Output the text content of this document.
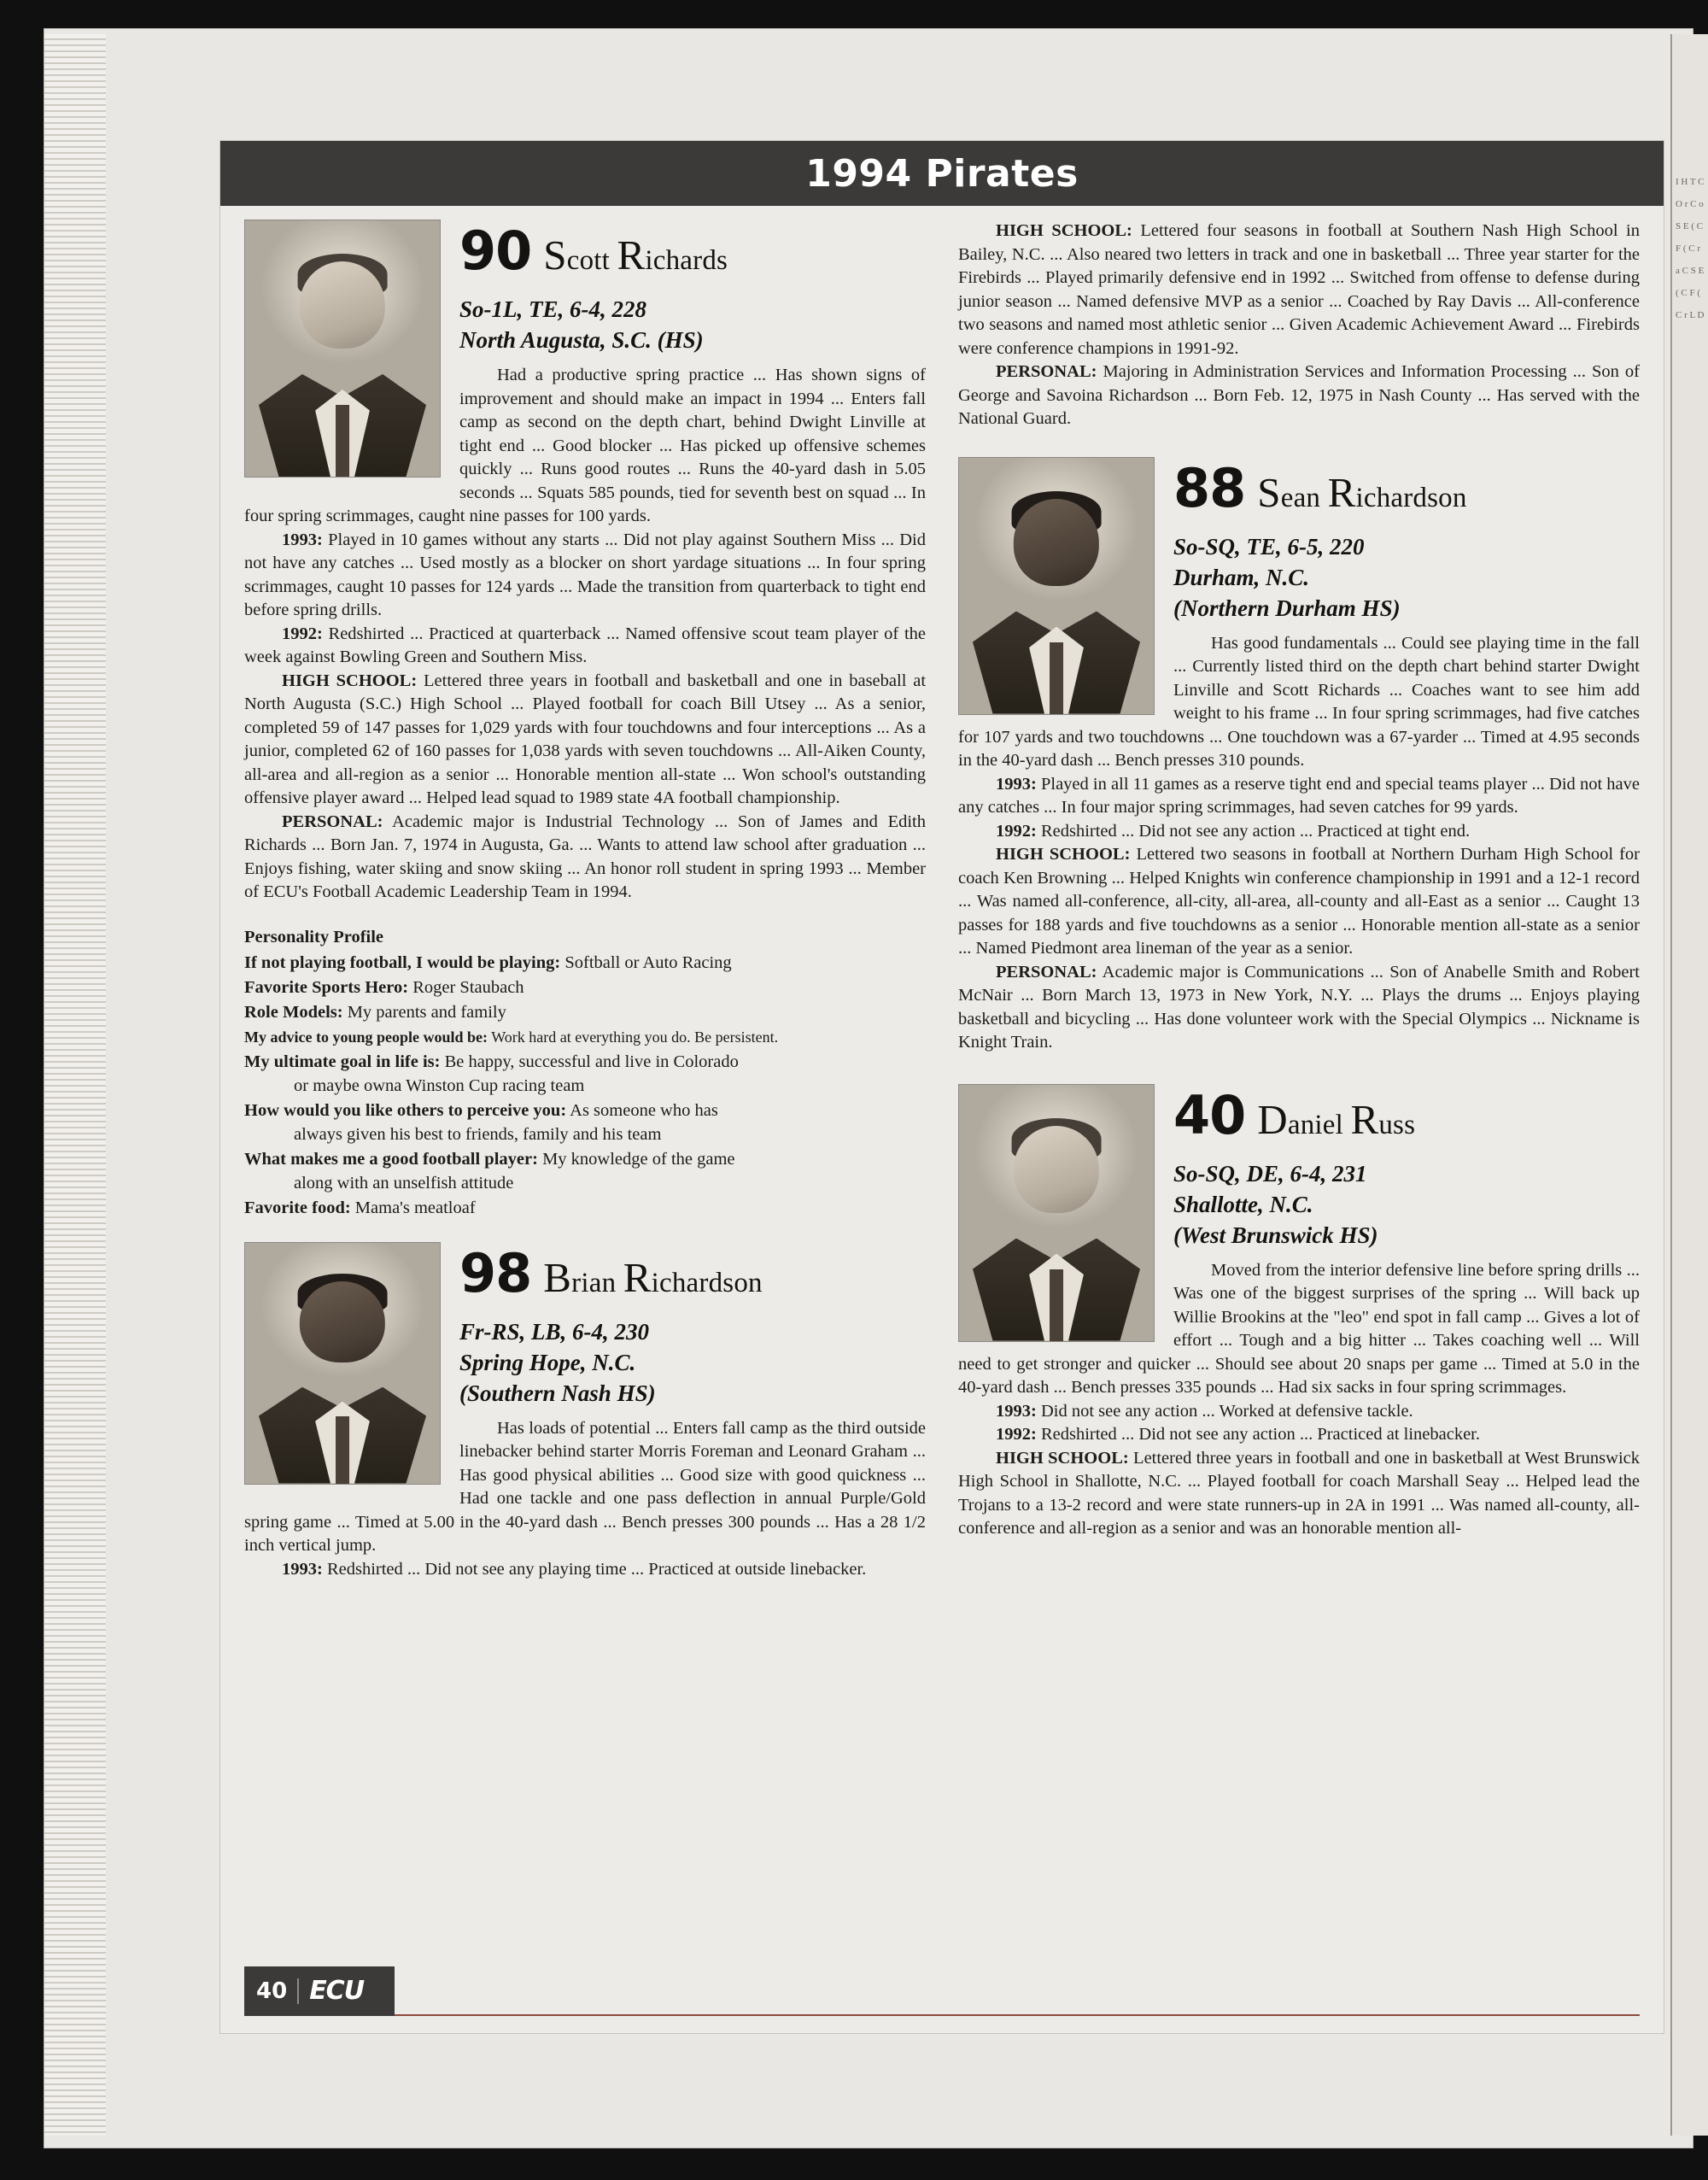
I H T C O r C o S E ( C F ( C r a C S E ( C F ( C r L D
1994 Pirates
90 Scott Richards
So-1L, TE, 6-4, 228
North Augusta, S.C. (HS)
Had a productive spring practice ... Has shown signs of improvement and should make an impact in 1994 ... Enters fall camp as second on the depth chart, behind Dwight Linville at tight end ... Good blocker ... Has picked up offensive schemes quickly ... Runs good routes ... Runs the 40-yard dash in 5.05 seconds ... Squats 585 pounds, tied for seventh best on squad ... In four spring scrimmages, caught nine passes for 100 yards.

1993: Played in 10 games without any starts ... Did not play against Southern Miss ... Did not have any catches ... Used mostly as a blocker on short yardage situations ... In four spring scrimmages, caught 10 passes for 124 yards ... Made the transition from quarterback to tight end before spring drills.

1992: Redshirted ... Practiced at quarterback ... Named offensive scout team player of the week against Bowling Green and Southern Miss.

HIGH SCHOOL: Lettered three years in football and basketball and one in baseball at North Augusta (S.C.) High School ... Played football for coach Bill Utsey ... As a senior, completed 59 of 147 passes for 1,029 yards with four touchdowns and four interceptions ... As a junior, completed 62 of 160 passes for 1,038 yards with seven touchdowns ... All-Aiken County, all-area and all-region as a senior ... Honorable mention all-state ... Won school's outstanding offensive player award ... Helped lead squad to 1989 state 4A football championship.

PERSONAL: Academic major is Industrial Technology ... Son of James and Edith Richards ... Born Jan. 7, 1974 in Augusta, Ga. ... Wants to attend law school after graduation ... Enjoys fishing, water skiing and snow skiing ... An honor roll student in spring 1993 ... Member of ECU's Football Academic Leadership Team in 1994.

Personality Profile
If not playing football, I would be playing: Softball or Auto Racing
Favorite Sports Hero: Roger Staubach
Role Models: My parents and family
My advice to young people would be: Work hard at everything you do. Be persistent.
My ultimate goal in life is: Be happy, successful and live in Colorado
or maybe owna Winston Cup racing team
How would you like others to perceive you: As someone who has
always given his best to friends, family and his team
What makes me a good football player: My knowledge of the game
along with an unselfish attitude
Favorite food: Mama's meatloaf
98 Brian Richardson
Fr-RS, LB, 6-4, 230
Spring Hope, N.C.
(Southern Nash HS)
Has loads of potential ... Enters fall camp as the third outside linebacker behind starter Morris Foreman and Leonard Graham ... Has good physical abilities ... Good size with good quickness ... Had one tackle and one pass deflection in annual Purple/Gold spring game ... Timed at 5.00 in the 40-yard dash ... Bench presses 300 pounds ... Has a 28 1/2 inch vertical jump.

1993: Redshirted ... Did not see any playing time ... Practiced at outside linebacker.

HIGH SCHOOL: Lettered four seasons in football at Southern Nash High School in Bailey, N.C. ... Also neared two letters in track and one in basketball ... Three year starter for the Firebirds ... Played primarily defensive end in 1992 ... Switched from offense to defense during junior season ... Named defensive MVP as a senior ... Coached by Ray Davis ... All-conference two seasons and named most athletic senior ... Given Academic Achievement Award ... Firebirds were conference champions in 1991-92.

PERSONAL: Majoring in Administration Services and Information Processing ... Son of George and Savoina Richardson ... Born Feb. 12, 1975 in Nash County ... Has served with the National Guard.

88 Sean Richardson
So-SQ, TE, 6-5, 220
Durham, N.C.
(Northern Durham HS)
Has good fundamentals ... Could see playing time in the fall ... Currently listed third on the depth chart behind starter Dwight Linville and Scott Richards ... Coaches want to see him add weight to his frame ... In four spring scrimmages, had five catches for 107 yards and two touchdowns ... One touchdown was a 67-yarder ... Timed at 4.95 seconds in the 40-yard dash ... Bench presses 310 pounds.

1993: Played in all 11 games as a reserve tight end and special teams player ... Did not have any catches ... In four major spring scrimmages, had seven catches for 99 yards.

1992: Redshirted ... Did not see any action ... Practiced at tight end.

HIGH SCHOOL: Lettered two seasons in football at Northern Durham High School for coach Ken Browning ... Helped Knights win conference championship in 1991 and a 12-1 record ... Was named all-conference, all-city, all-area, all-county and all-East as a senior ... Caught 13 passes for 188 yards and five touchdowns as a senior ... Honorable mention all-state as a senior ... Named Piedmont area lineman of the year as a senior.

PERSONAL: Academic major is Communications ... Son of Anabelle Smith and Robert McNair ... Born March 13, 1973 in New York, N.Y. ... Plays the drums ... Enjoys playing basketball and bicycling ... Has done volunteer work with the Special Olympics ... Nickname is Knight Train.

40 Daniel Russ
So-SQ, DE, 6-4, 231
Shallotte, N.C.
(West Brunswick HS)
Moved from the interior defensive line before spring drills ... Was one of the biggest surprises of the spring ... Will back up Willie Brookins at the "leo" end spot in fall camp ... Gives a lot of effort ... Tough and a big hitter ... Takes coaching well ... Will need to get stronger and quicker ... Should see about 20 snaps per game ... Timed at 5.0 in the 40-yard dash ... Bench presses 335 pounds ... Had six sacks in four spring scrimmages.

1993: Did not see any action ... Worked at defensive tackle.

1992: Redshirted ... Did not see any action ... Practiced at linebacker.

HIGH SCHOOL: Lettered three years in football and one in basketball at West Brunswick High School in Shallotte, N.C. ... Played football for coach Marshall Seay ... Helped lead the Trojans to a 13-2 record and were state runners-up in 2A in 1991 ... Was named all-county, all-conference and all-region as a senior and was an honorable mention all-

40 ECU
